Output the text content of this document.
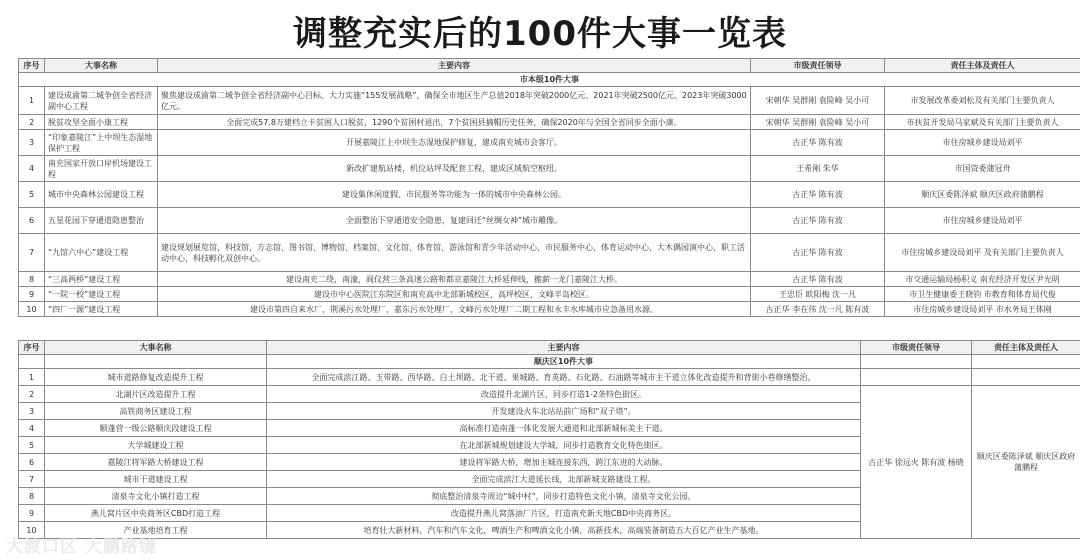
调整充实后的100件大事一览表
序号	大事名称	主要内容	市级责任领导	责任主体及责任人
市本级10件大事				
1	建设成渝第二城争创全省经济副中心工程	聚焦建设成渝第二城争创全省经济副中心目标、大力实施“155发展战略”，确保全市地区生产总值2018年突破2000亿元、2021年突破2500亿元、2023年突破3000亿元。	宋朝华 吴群刚 袁险峰 吴小可	市发展改革委刘松及有关部门主要负责人
2	脱贫攻坚全面小康工程	全面完成57.8万建档立卡贫困人口脱贫，1290个贫困村退出，7个贫困县摘帽历史任务，确保2020年与全国全省同步全面小康。	宋朝华 吴群刚 袁险峰 吴小可	市扶贫开发局马家斌及有关部门主要负责人
3	“印象嘉陵江”上中坝生态湿地保护工程	开展嘉陵江上中坝生态湿地保护修复，建成南充城市会客厅。	古正华 陈有波	市住房城乡建设局刘平
4	南充国家开放口岸机场建设工程	新改扩建航站楼，机位站坪及配套工程，建成区域航空枢纽。	王希刚 朱华	市国资委蒲冠舟
5	城市中央森林公园建设工程	建设集休闲度假、市民服务等功能为一体的城市中央森林公园。	古正华 陈有波	顺庆区委陈泽斌 顺庆区政府蒲鹏程
6	五星花园下穿通道隐患整治	全面整治下穿通道安全隐患，复建回迁“丝绸女神”城市雕像。	古正华 陈有波	市住房城乡建设局刘平
7	“九馆六中心”建设工程	建设规划展览馆，科技馆，方志馆，图书馆，博物馆，档案馆，文化馆，体育馆，游泳馆和青少年活动中心，市民服务中心，体育运动中心，大木偶园演中心，职工活动中心，科技孵化双创中心。	古正华 陈有波	市住房城乡建设局刘平 及有关部门主要负责人
8	“三高两桥”建设工程	建设南充二绕，南潼，阆仪营三条高速公路和都京嘉陵江大桥延伸线，搬薪一龙门嘉陵江大桥。	古正华 陈有波	市交通运输局杨积义 南充经济开发区尹光明
9	“一院一校”建设工程	建设市中心医院江东院区和南充高中北部新城校区，高坪校区，文峰半岛校区。	王忠臣 欧阳梅 沈一凡	市卫生健康委王晓钧 市教育和体育局代俊
10	“四厂一源”建设工程	建设市第四自来水厂，荆溪污水处理厂，嘉东污水处理厂，文峰污水处理厂二期工程和永丰水库城市应急备用水源。	古正华 李在伟 沈一凡 陈有波	市住房城乡建设局刘平 市水务局王体刚
序号	大事名称	主要内容	市级责任领导	责任主体及责任人
		顺庆区10件大事		
1	城市道路修复改造提升工程	全面完成滨江路、玉带路、西华路、白土坝路、北干道、果城路、育英路、石化路、石油路等城市主干道立体化改造提升和背街小巷修缮整治。		
2	北湖片区改造提升工程	改造提升北湖片区，同步打造1-2条特色街区。	古正华 徐远火 陈有波 杨晓	顺庆区委陈泽斌 顺庆区政府蒲鹏程
3	高铁商务区建设工程	开发建设火车北站站前广场和“双子塔”。		
4	顺蓬营一级公路顺庆段建设工程	高标准打造南蓬一体化发展大通道和北部新城标美主干道。		
5	大学城建设工程	在北部新城规划建设大学城，同步打造教育文化特色街区。		
6	嘉陵江将军路大桥建设工程	建设将军路大桥，增加主城连接东西，跨江东进的大动脉。		
7	城市干道建设工程	全面完成滨江大道延长线，北部新城支路建设工程。		
8	清泉寺文化小镇打造工程	彻底整治清泉寺周边“城中村”，同步打造特色文化小镇，清泉寺文化公园。		
9	燕儿窝片区中央商务区CBD打造工程	改造提升燕儿窝落油厂片区，打造南充新天地CBD中央商务区。		
10	产业基地培育工程	培育壮大新材料，汽车和汽车文化，啤酒生产和啤酒文化小镇，高新技术，高端装备制造五大百亿产业生产基地。		
大渡口区 大鹏路镜
